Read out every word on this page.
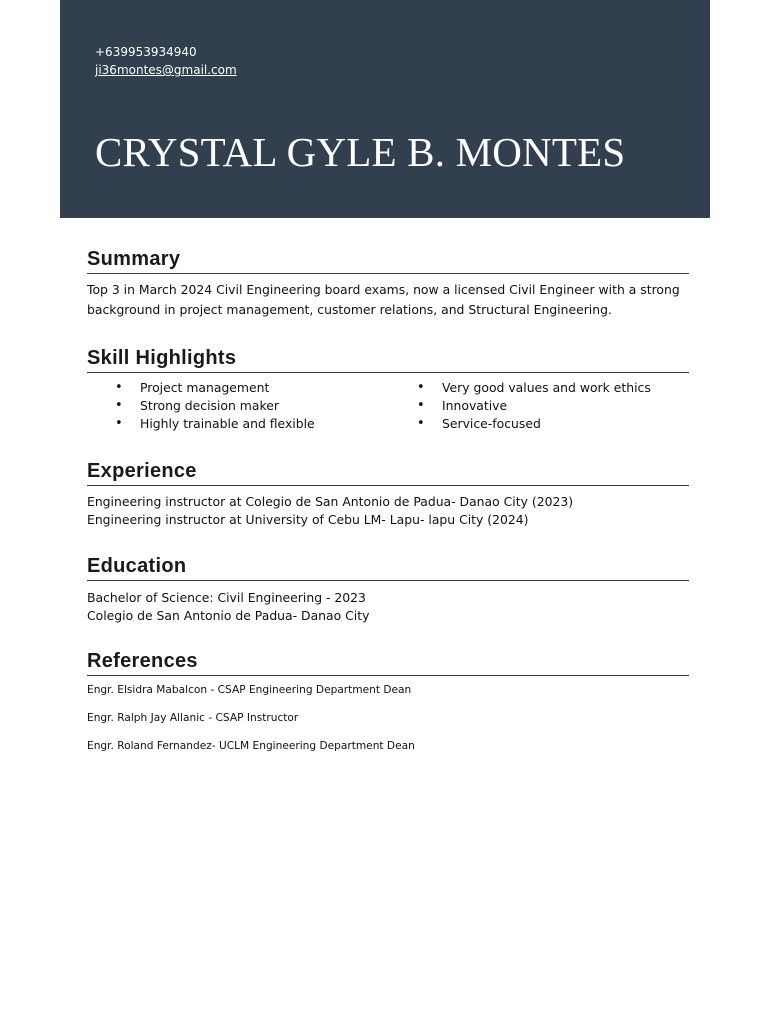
+639953934940
ji36montes@gmail.com
CRYSTAL GYLE B. MONTES
Summary
Top 3 in March 2024 Civil Engineering board exams, now a licensed Civil Engineer with a strong background in project management, customer relations, and Structural Engineering.
Skill Highlights
• Project management
• Strong decision maker
• Highly trainable and flexible
• Very good values and work ethics
• Innovative
• Service-focused
Experience
Engineering instructor at Colegio de San Antonio de Padua- Danao City (2023)
Engineering instructor at University of Cebu LM- Lapu- lapu City (2024)
Education
Bachelor of Science: Civil Engineering - 2023
Colegio de San Antonio de Padua- Danao City
References
Engr. Elsidra Mabalcon - CSAP Engineering Department Dean
Engr. Ralph Jay Allanic - CSAP Instructor
Engr. Roland Fernandez- UCLM Engineering Department Dean
